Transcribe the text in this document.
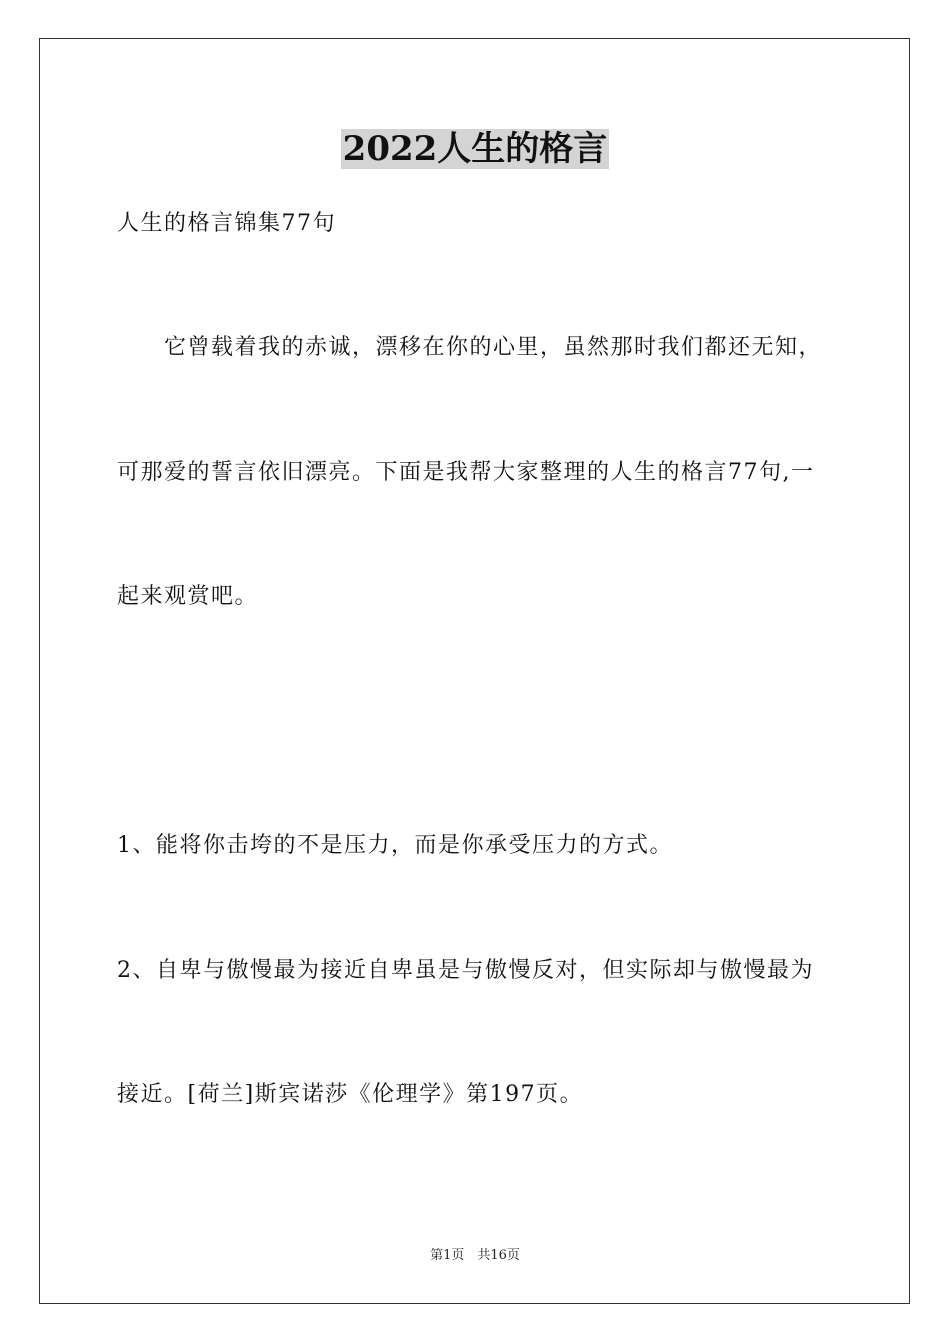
2022人生的格言
人生的格言锦集77句
　　它曾载着我的赤诚，漂移在你的心里，虽然那时我们都还无知，
可那爱的誓言依旧漂亮。下面是我帮大家整理的人生的格言77句,一
起来观赏吧。
1、能将你击垮的不是压力，而是你承受压力的方式。
2、自卑与傲慢最为接近自卑虽是与傲慢反对，但实际却与傲慢最为
接近。[荷兰]斯宾诺莎《伦理学》第197页。
第1页　共16页
